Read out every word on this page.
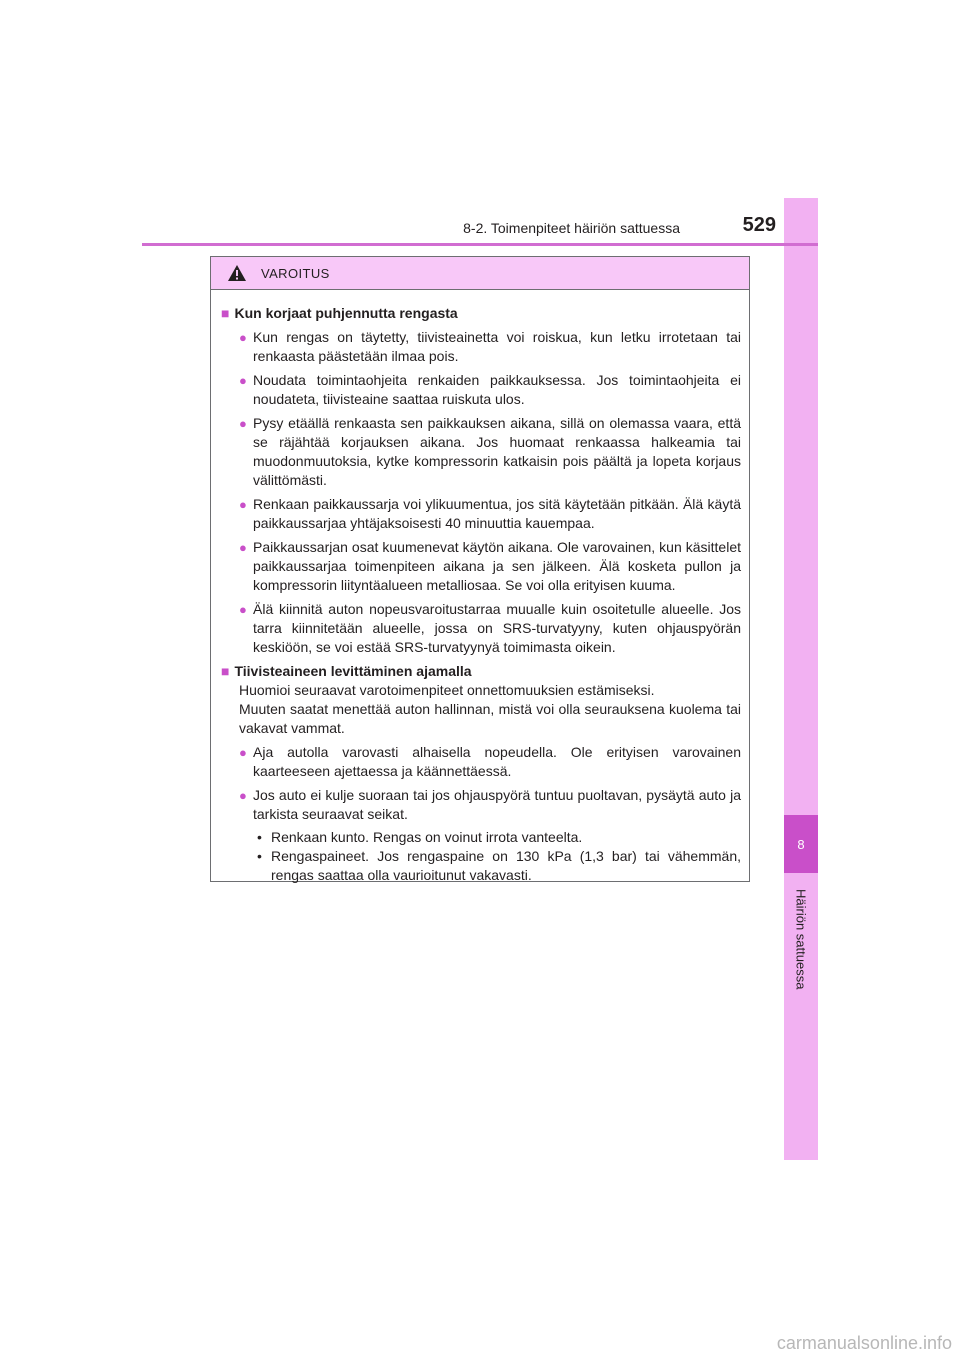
8
Häiriön sattuessa
8-2. Toimenpiteet häiriön sattuessa	529
VAROITUS
■ Kun korjaat puhjennutta rengasta
● Kun rengas on täytetty, tiivisteainetta voi roiskua, kun letku irrotetaan tai renkaasta päästetään ilmaa pois.
● Noudata toimintaohjeita renkaiden paikkauksessa. Jos toimintaohjeita ei noudateta, tiivisteaine saattaa ruiskuta ulos.
● Pysy etäällä renkaasta sen paikkauksen aikana, sillä on olemassa vaara, että se räjähtää korjauksen aikana. Jos huomaat renkaassa halkeamia tai muodonmuutoksia, kytke kompressorin katkaisin pois päältä ja lopeta korjaus välittömästi.
● Renkaan paikkaussarja voi ylikuumentua, jos sitä käytetään pitkään. Älä käytä paikkaussarjaa yhtäjaksoisesti 40 minuuttia kauempaa.
● Paikkaussarjan osat kuumenevat käytön aikana. Ole varovainen, kun käsittelet paikkaussarjaa toimenpiteen aikana ja sen jälkeen. Älä kosketa pullon ja kompressorin liityntäalueen metalliosaa. Se voi olla erityisen kuuma.
● Älä kiinnitä auton nopeusvaroitustarraa muualle kuin osoitetulle alueelle. Jos tarra kiinnitetään alueelle, jossa on SRS-turvatyyny, kuten ohjauspyörän keskiöön, se voi estää SRS-turvatyynyä toimimasta oikein.
■ Tiivisteaineen levittäminen ajamalla
Huomioi seuraavat varotoimenpiteet onnettomuuksien estämiseksi.
Muuten saatat menettää auton hallinnan, mistä voi olla seurauksena kuolema tai vakavat vammat.
● Aja autolla varovasti alhaisella nopeudella. Ole erityisen varovainen kaarteeseen ajettaessa ja käännettäessä.
● Jos auto ei kulje suoraan tai jos ohjauspyörä tuntuu puoltavan, pysäytä auto ja tarkista seuraavat seikat.
• Renkaan kunto. Rengas on voinut irrota vanteelta.
• Rengaspaineet. Jos rengaspaine on 130 kPa (1,3 bar) tai vähemmän, rengas saattaa olla vaurioitunut vakavasti.
carmanualsonline.info
